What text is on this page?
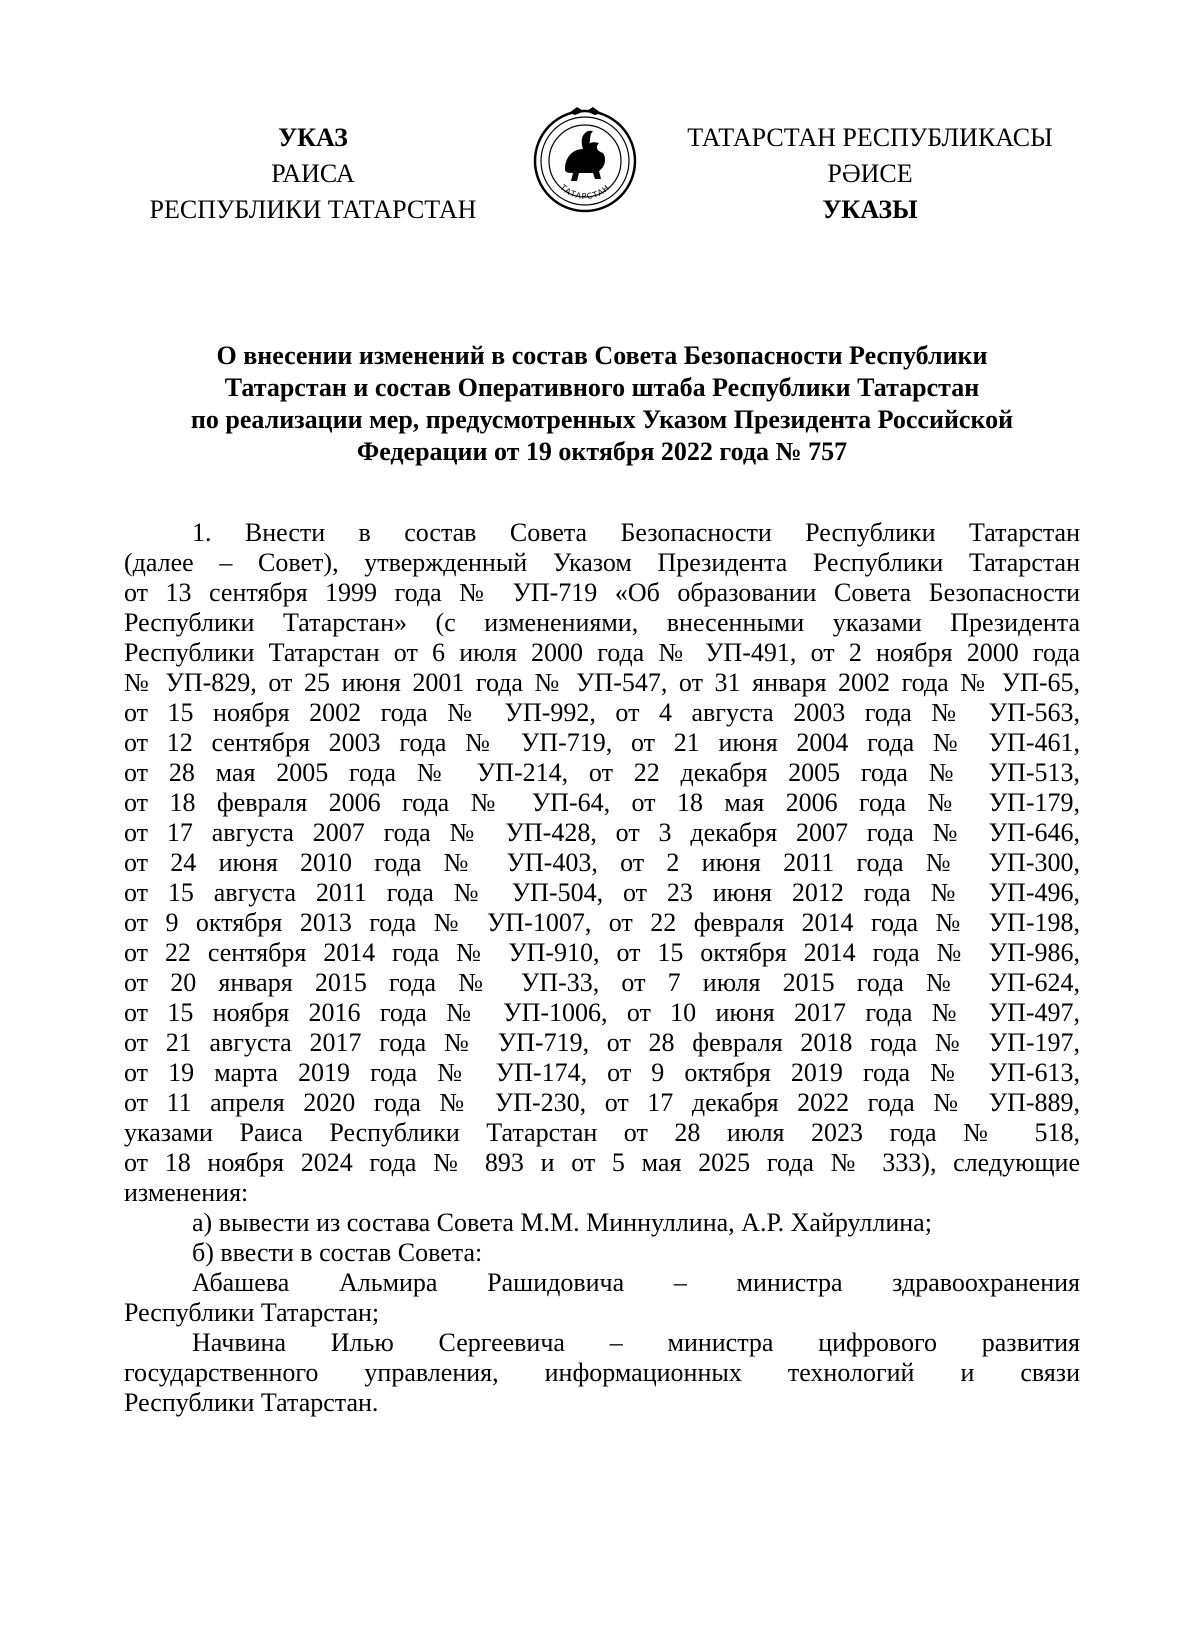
УКАЗ
РАИСА
РЕСПУБЛИКИ ТАТАРСТАН
ТАТАРСТАН
ТАТАРСТАН РЕСПУБЛИКАСЫ
РӘИСЕ
УКАЗЫ
О внесении изменений в состав Совета Безопасности Республики
Татарстан и состав Оперативного штаба Республики Татарстан
по реализации мер, предусмотренных Указом Президента Российской
Федерации от 19 октября 2022 года № 757
1. Внести в состав Совета Безопасности Республики Татарстан
(далее – Совет), утвержденный Указом Президента Республики Татарстан
от 13 сентября 1999 года № УП-719 «Об образовании Совета Безопасности
Республики Татарстан» (с изменениями, внесенными указами Президента
Республики Татарстан от 6 июля 2000 года № УП-491, от 2 ноября 2000 года
№ УП-829, от 25 июня 2001 года № УП-547, от 31 января 2002 года № УП-65,
от 15 ноября 2002 года № УП-992, от 4 августа 2003 года № УП-563,
от 12 сентября 2003 года № УП-719, от 21 июня 2004 года № УП-461,
от 28 мая 2005 года № УП-214, от 22 декабря 2005 года № УП-513,
от 18 февраля 2006 года № УП-64, от 18 мая 2006 года № УП-179,
от 17 августа 2007 года № УП-428, от 3 декабря 2007 года № УП-646,
от 24 июня 2010 года № УП-403, от 2 июня 2011 года № УП-300,
от 15 августа 2011 года № УП-504, от 23 июня 2012 года № УП-496,
от 9 октября 2013 года № УП-1007, от 22 февраля 2014 года № УП-198,
от 22 сентября 2014 года № УП-910, от 15 октября 2014 года № УП-986,
от 20 января 2015 года № УП-33, от 7 июля 2015 года № УП-624,
от 15 ноября 2016 года № УП-1006, от 10 июня 2017 года № УП-497,
от 21 августа 2017 года № УП-719, от 28 февраля 2018 года № УП-197,
от 19 марта 2019 года № УП-174, от 9 октября 2019 года № УП-613,
от 11 апреля 2020 года № УП-230, от 17 декабря 2022 года № УП-889,
указами Раиса Республики Татарстан от 28 июля 2023 года № 518,
от 18 ноября 2024 года № 893 и от 5 мая 2025 года № 333), следующие
изменения:
а) вывести из состава Совета М.М. Миннуллина, А.Р. Хайруллина;
б) ввести в состав Совета:
Абашева Альмира Рашидовича – министра здравоохранения
Республики Татарстан;
Начвина Илью Сергеевича – министра цифрового развития
государственного управления, информационных технологий и связи
Республики Татарстан.
